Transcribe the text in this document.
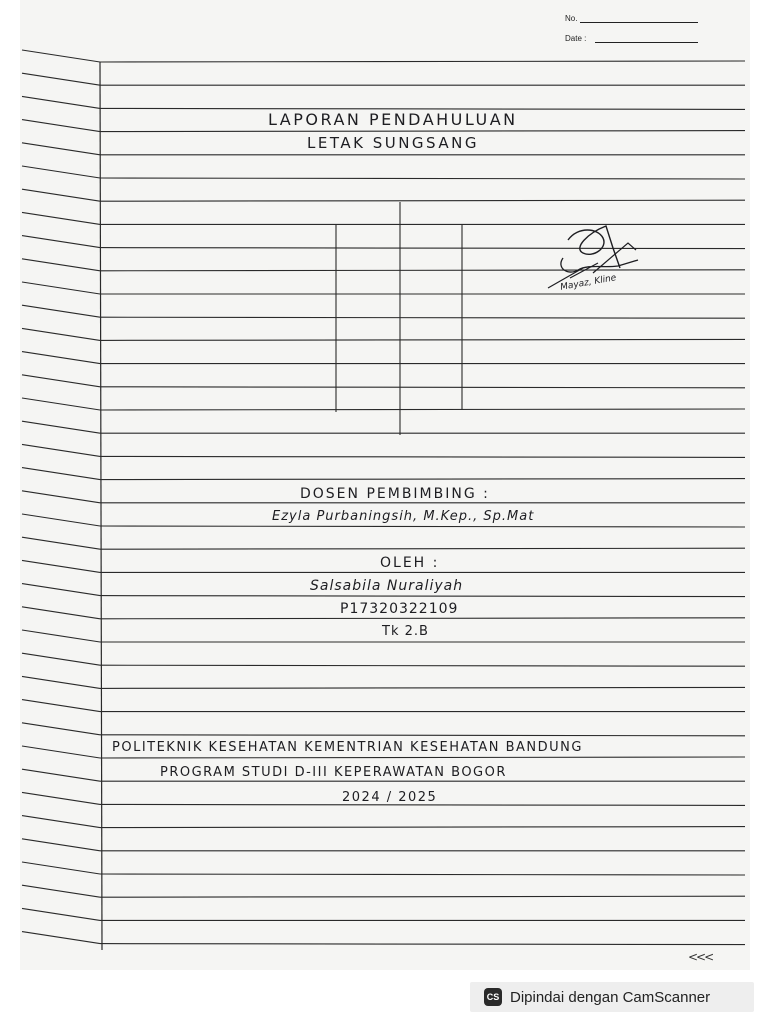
No.
Date :
LAPORAN PENDAHULUAN
LETAK SUNGSANG
Mayaz, Kline
DOSEN PEMBIMBING :
Ezyla Purbaningsih, M.Kep., Sp.Mat
OLEH :
Salsabila Nuraliyah
P17320322109
Tk 2.B
POLITEKNIK KESEHATAN KEMENTRIAN KESEHATAN BANDUNG
PROGRAM STUDI D-III KEPERAWATAN BOGOR
2024 / 2025
<<<
CS Dipindai dengan CamScanner
